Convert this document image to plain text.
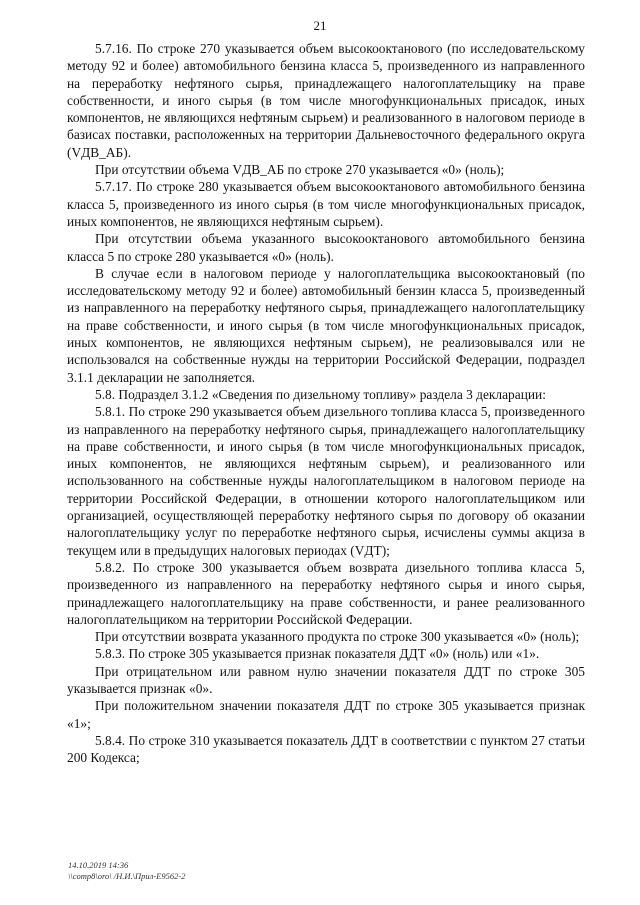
21

5.7.16. По строке 270 указывается объем высокооктанового (по исследовательскому методу 92 и более) автомобильного бензина класса 5, произведенного из направленного на переработку нефтяного сырья, принадлежащего налогоплательщику на праве собственности, и иного сырья (в том числе многофункциональных присадок, иных компонентов, не являющихся нефтяным сырьем) и реализованного в налоговом периоде в базисах поставки, расположенных на территории Дальневосточного федерального округа (VДВ_АБ).

При отсутствии объема VДВ_АБ по строке 270 указывается «0» (ноль);

5.7.17. По строке 280 указывается объем высокооктанового автомобильного бензина класса 5, произведенного из иного сырья (в том числе многофункциональных присадок, иных компонентов, не являющихся нефтяным сырьем).

При отсутствии объема указанного высокооктанового автомобильного бензина класса 5 по строке 280 указывается «0» (ноль).

В случае если в налоговом периоде у налогоплательщика высокооктановый (по исследовательскому методу 92 и более) автомобильный бензин класса 5, произведенный из направленного на переработку нефтяного сырья, принадлежащего налогоплательщику на праве собственности, и иного сырья (в том числе многофункциональных присадок, иных компонентов, не являющихся нефтяным сырьем), не реализовывался или не использовался на собственные нужды на территории Российской Федерации, подраздел 3.1.1 декларации не заполняется.

5.8. Подраздел 3.1.2 «Сведения по дизельному топливу» раздела 3 декларации:

5.8.1. По строке 290 указывается объем дизельного топлива класса 5, произведенного из направленного на переработку нефтяного сырья, принадлежащего налогоплательщику на праве собственности, и иного сырья (в том числе многофункциональных присадок, иных компонентов, не являющихся нефтяным сырьем), и реализованного или использованного на собственные нужды налогоплательщиком в налоговом периоде на территории Российской Федерации, в отношении которого налогоплательщиком или организацией, осуществляющей переработку нефтяного сырья по договору об оказании налогоплательщику услуг по переработке нефтяного сырья, исчислены суммы акциза в текущем или в предыдущих налоговых периодах (VДТ);

5.8.2. По строке 300 указывается объем возврата дизельного топлива класса 5, произведенного из направленного на переработку нефтяного сырья и иного сырья, принадлежащего налогоплательщику на праве собственности, и ранее реализованного налогоплательщиком на территории Российской Федерации.

При отсутствии возврата указанного продукта по строке 300 указывается «0» (ноль);

5.8.3. По строке 305 указывается признак показателя ДДТ «0» (ноль) или «1».

При отрицательном или равном нулю значении показателя ДДТ по строке 305 указывается признак «0».

При положительном значении показателя ДДТ по строке 305 указывается признак «1»;

5.8.4. По строке 310 указывается показатель ДДТ в соответствии с пунктом 27 статьи 200 Кодекса;

14.10.2019 14:36
\\comp8\oro\ /Н.И.\Прил-Е9562-2
